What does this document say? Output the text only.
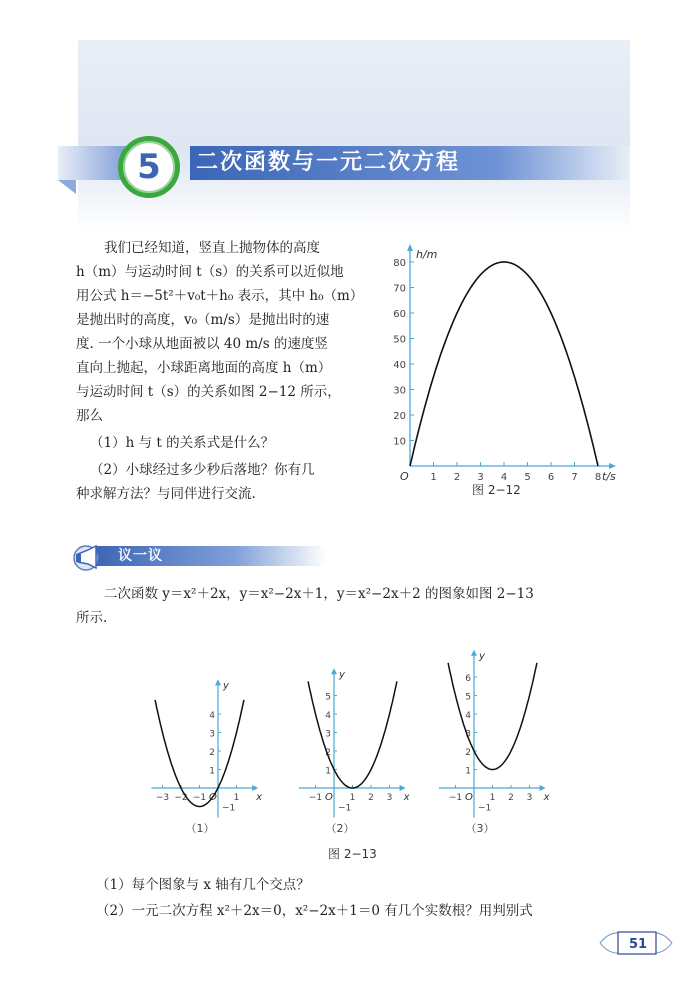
5	二次函数与一元二次方程

我们已经知道，竖直上抛物体的高度

h（m）与运动时间 t（s）的关系可以近似地

用公式 h＝−5t²＋v₀t＋h₀ 表示，其中 h₀（m）

是抛出时的高度，v₀（m/s）是抛出时的速

度. 一个小球从地面被以 40 m/s 的速度竖

直向上抛起，小球距离地面的高度 h（m）

与运动时间 t（s）的关系如图 2−12 所示，

那么

（1）h 与 t 的关系式是什么？
（2）小球经过多少秒后落地？你有几
种求解方法？与同伴进行交流.
h/m
t/s
O
10
20
30
40
50
60
70
80
1 2 3 4 5 6 7 8
图 2−12
议一议
二次函数 y＝x²＋2x，y＝x²−2x＋1，y＝x²−2x＋2 的图象如图 2−13
所示.
y
x
O
1
2
3
4
−1
−3 −2 −1	1
（1）
y
x
O
1
2
3
4
5
−1
−1	1 2 3
（2）
y
x
O
1
2
3
4
5
6
−1
−1	1 2 3
（3）
图 2−13
（1）每个图象与 x 轴有几个交点？
（2）一元二次方程 x²＋2x＝0，x²−2x＋1＝0 有几个实数根？用判别式
51
